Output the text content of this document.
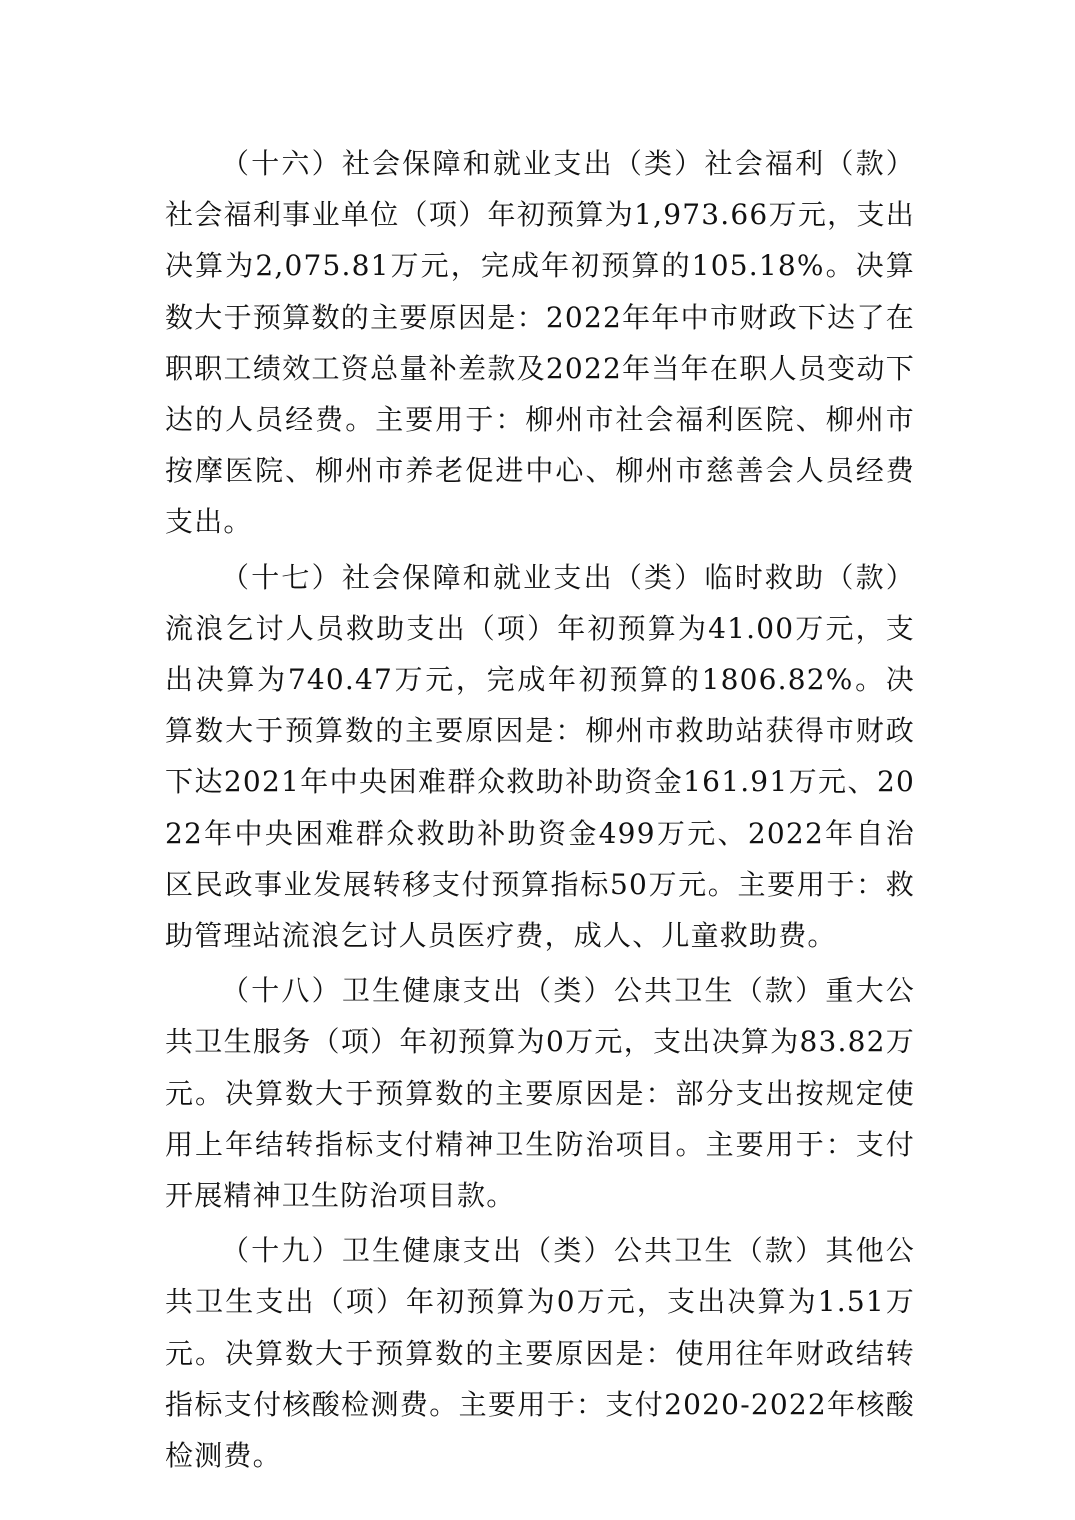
（十六）社会保障和就业支出（类）社会福利（款）社会福利事业单位（项）年初预算为1,973.66万元，支出决算为2,075.81万元，完成年初预算的105.18%。决算数大于预算数的主要原因是：2022年年中市财政下达了在职职工绩效工资总量补差款及2022年当年在职人员变动下达的人员经费。主要用于：柳州市社会福利医院、柳州市按摩医院、柳州市养老促进中心、柳州市慈善会人员经费支出。

（十七）社会保障和就业支出（类）临时救助（款）流浪乞讨人员救助支出（项）年初预算为41.00万元，支出决算为740.47万元，完成年初预算的1806.82%。决算数大于预算数的主要原因是：柳州市救助站获得市财政下达2021年中央困难群众救助补助资金161.91万元、2022年中央困难群众救助补助资金499万元、2022年自治区民政事业发展转移支付预算指标50万元。主要用于：救助管理站流浪乞讨人员医疗费，成人、儿童救助费。

（十八）卫生健康支出（类）公共卫生（款）重大公共卫生服务（项）年初预算为0万元，支出决算为83.82万元。决算数大于预算数的主要原因是：部分支出按规定使用上年结转指标支付精神卫生防治项目。主要用于：支付开展精神卫生防治项目款。

（十九）卫生健康支出（类）公共卫生（款）其他公共卫生支出（项）年初预算为0万元，支出决算为1.51万元。决算数大于预算数的主要原因是：使用往年财政结转指标支付核酸检测费。主要用于：支付2020-2022年核酸检测费。
